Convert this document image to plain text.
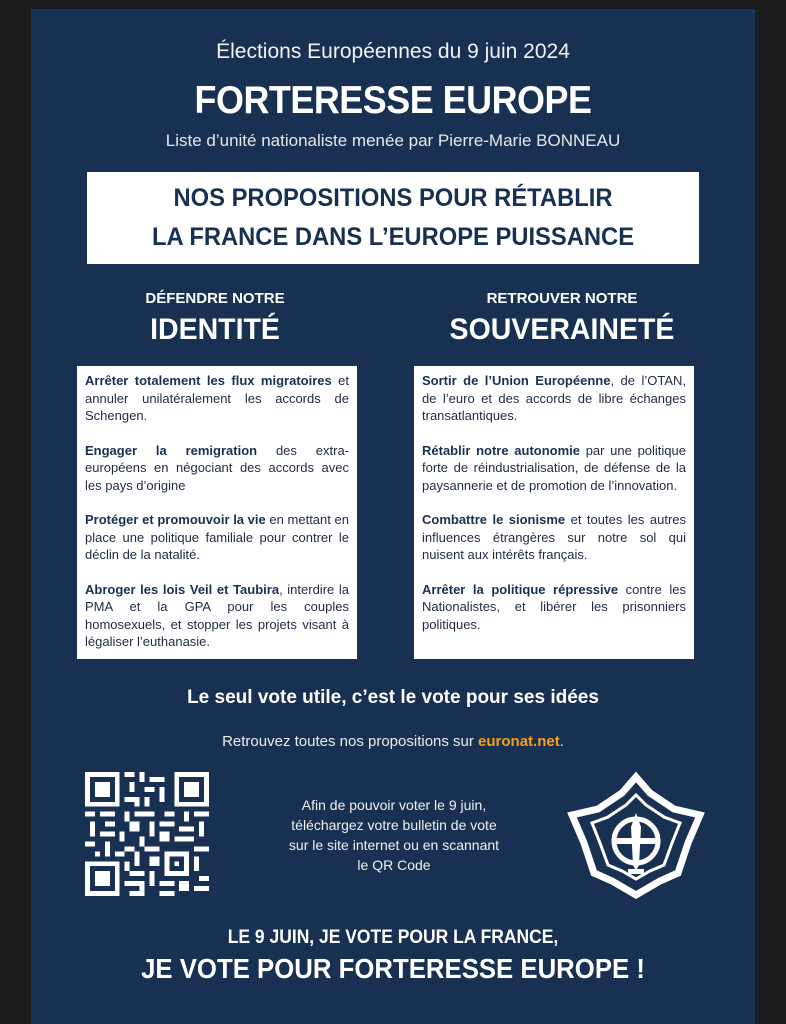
Élections Européennes du 9 juin 2024
FORTERESSE EUROPE
Liste d’unité nationaliste menée par Pierre-Marie BONNEAU
NOS PROPOSITIONS POUR RÉTABLIR
LA FRANCE DANS L’EUROPE PUISSANCE
DÉFENDRE NOTRE
IDENTITÉ

Arrêter totalement les flux migratoires et annuler unilatéralement les accords de Schengen.

Engager la remigration des extra-européens en négociant des accords avec les pays d’origine

Protéger et promouvoir la vie en mettant en place une politique familiale pour contrer le déclin de la natalité.

Abroger les lois Veil et Taubira, interdire la PMA et la GPA pour les couples homosexuels, et stopper les projets visant à légaliser l’euthanasie.

RETROUVER NOTRE
SOUVERAINETÉ

Sortir de l’Union Européenne, de l’OTAN, de l’euro et des accords de libre échanges transatlantiques.

Rétablir notre autonomie par une politique forte de réindustrialisation, de défense de la paysannerie et de promotion de l’innovation.

Combattre le sionisme et toutes les autres influences étrangères sur notre sol qui nuisent aux intérêts français.

Arrêter la politique répressive contre les Nationalistes, et libérer les prisonniers politiques.

Le seul vote utile, c’est le vote pour ses idées
Retrouvez toutes nos propositions sur euronat.net.
Afin de pouvoir voter le 9 juin,
téléchargez votre bulletin de vote
sur le site internet ou en scannant
le QR Code
LE 9 JUIN, JE VOTE POUR LA FRANCE,
JE VOTE POUR FORTERESSE EUROPE !
